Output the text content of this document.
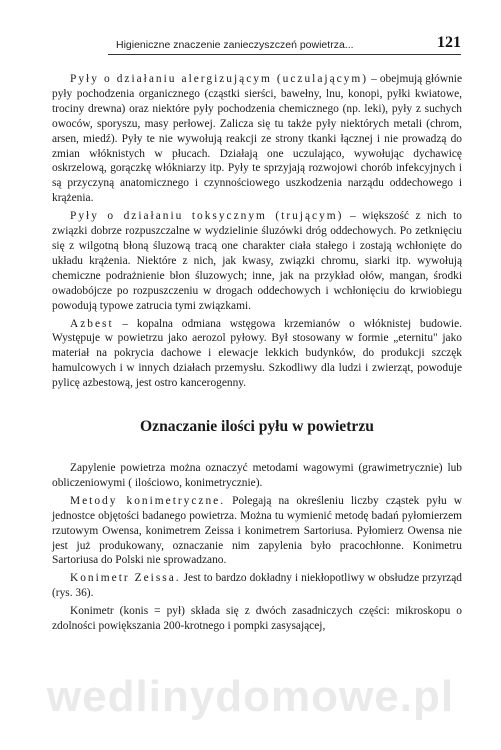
Higieniczne znaczenie zanieczyszczeń powietrza...	121

Pyły o działaniu alergizującym (uczulającym) – obejmują głównie pyły pochodzenia organicznego (cząstki sierści, bawełny, lnu, konopi, pyłki kwiatowe, trociny drewna) oraz niektóre pyły pochodzenia chemicznego (np. leki), pyły z suchych owoców, sporyszu, masy perłowej. Zalicza się tu także pyły niektórych metali (chrom, arsen, miedź). Pyły te nie wywołują reakcji ze strony tkanki łącznej i nie prowadzą do zmian włóknistych w płucach. Działają one uczulająco, wywołując dychawicę oskrzelową, gorączkę włókniarzy itp. Pyły te sprzyjają rozwojowi chorób infekcyjnych i są przyczyną anatomicznego i czynnościowego uszkodzenia narządu oddechowego i krążenia.

Pyły o działaniu toksycznym (trującym) – większość z nich to związki dobrze rozpuszczalne w wydzielinie śluzówki dróg oddechowych. Po zetknięciu się z wilgotną błoną śluzową tracą one charakter ciała stałego i zostają wchłonięte do układu krążenia. Niektóre z nich, jak kwasy, związki chromu, siarki itp. wywołują chemiczne podrażnienie błon śluzowych; inne, jak na przykład ołów, mangan, środki owadobójcze po rozpuszczeniu w drogach oddechowych i wchłonięciu do krwiobiegu powodują typowe zatrucia tymi związkami.

Azbest – kopalna odmiana wstęgowa krzemianów o włóknistej budowie. Występuje w powietrzu jako aerozol pyłowy. Był stosowany w formie „eternitu" jako materiał na pokrycia dachowe i elewacje lekkich budynków, do produkcji szczęk hamulcowych i w innych działach przemysłu. Szkodliwy dla ludzi i zwierząt, powoduje pylicę azbestową, jest ostro kancerogenny.

Oznaczanie ilości pyłu w powietrzu

Zapylenie powietrza można oznaczyć metodami wagowymi (grawimetrycznie) lub obliczeniowymi ( ilościowo, konimetrycznie).

Metody konimetryczne. Polegają na określeniu liczby cząstek pyłu w jednostce objętości badanego powietrza. Można tu wymienić metodę badań pyłomierzem rzutowym Owensa, konimetrem Zeissa i konimetrem Sartoriusa. Pyłomierz Owensa nie jest już produkowany, oznaczanie nim zapylenia było pracochłonne. Konimetru Sartoriusa do Polski nie sprowadzano.

Konimetr Zeissa. Jest to bardzo dokładny i niekłopotliwy w obsłudze przyrząd (rys. 36).

Konimetr (konis = pył) składa się z dwóch zasadniczych części: mikroskopu o zdolności powiększania 200-krotnego i pompki zasysającej,

wedlinydomowe.pl
